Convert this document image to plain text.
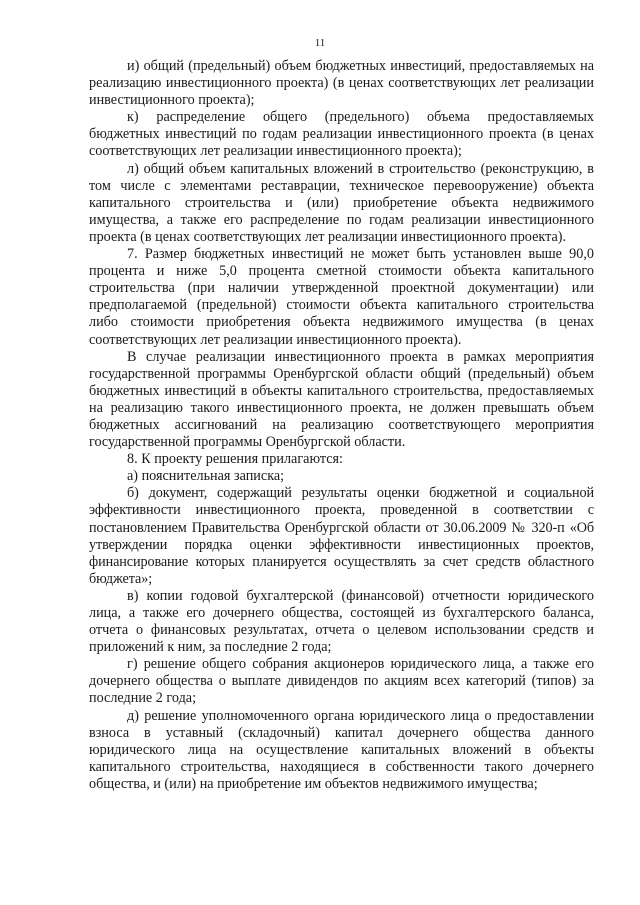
11

и) общий (предельный) объем бюджетных инвестиций, предоставляемых на реализацию инвестиционного проекта) (в ценах соответствующих лет реализации инвестиционного проекта);

к) распределение общего (предельного) объема предоставляемых бюджетных инвестиций по годам реализации инвестиционного проекта (в ценах соответствующих лет реализации инвестиционного проекта);

л) общий объем капитальных вложений в строительство (реконструкцию, в том числе с элементами реставрации, техническое перевооружение) объекта капитального строительства и (или) приобретение объекта недвижимого имущества, а также его распределение по годам реализации инвестиционного проекта (в ценах соответствующих лет реализации инвестиционного проекта).

7. Размер бюджетных инвестиций не может быть установлен выше 90,0 процента и ниже 5,0 процента сметной стоимости объекта капитального строительства (при наличии утвержденной проектной документации) или предполагаемой (предельной) стоимости объекта капитального строительства либо стоимости приобретения объекта недвижимого имущества (в ценах соответствующих лет реализации инвестиционного проекта).

В случае реализации инвестиционного проекта в рамках мероприятия государственной программы Оренбургской области общий (предельный) объем бюджетных инвестиций в объекты капитального строительства, предоставляемых на реализацию такого инвестиционного проекта, не должен превышать объем бюджетных ассигнований на реализацию соответствующего мероприятия государственной программы Оренбургской области.

8. К проекту решения прилагаются:

а) пояснительная записка;

б) документ, содержащий результаты оценки бюджетной и социальной эффективности инвестиционного проекта, проведенной в соответствии с постановлением Правительства Оренбургской области от 30.06.2009 № 320-п «Об утверждении порядка оценки эффективности инвестиционных проектов, финансирование которых планируется осуществлять за счет средств областного бюджета»;

в) копии годовой бухгалтерской (финансовой) отчетности юридического лица, а также его дочернего общества, состоящей из бухгалтерского баланса, отчета о финансовых результатах, отчета о целевом использовании средств и приложений к ним, за последние 2 года;

г) решение общего собрания акционеров юридического лица, а также его дочернего общества о выплате дивидендов по акциям всех категорий (типов) за последние 2 года;

д) решение уполномоченного органа юридического лица о предоставлении взноса в уставный (складочный) капитал дочернего общества данного юридического лица на осуществление капитальных вложений в объекты капитального строительства, находящиеся в собственности такого дочернего общества, и (или) на приобретение им объектов недвижимого имущества;
